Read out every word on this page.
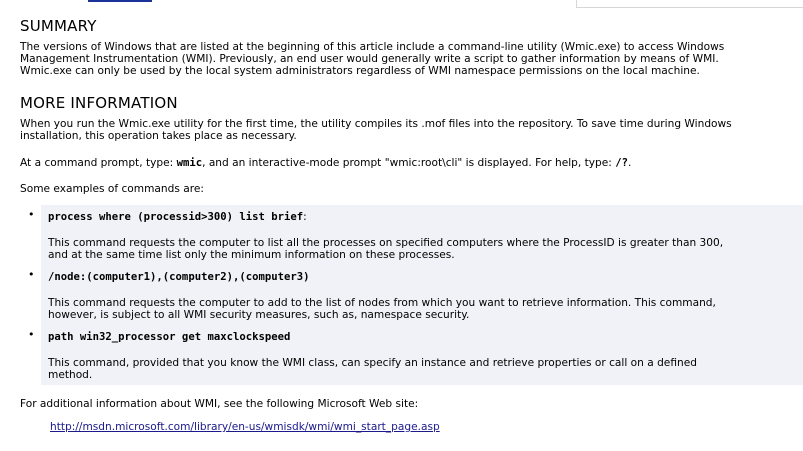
SUMMARY

The versions of Windows that are listed at the beginning of this article include a command-line utility (Wmic.exe) to access Windows
Management Instrumentation (WMI). Previously, an end user would generally write a script to gather information by means of WMI.
Wmic.exe can only be used by the local system administrators regardless of WMI namespace permissions on the local machine.

MORE INFORMATION

When you run the Wmic.exe utility for the first time, the utility compiles its .mof files into the repository. To save time during Windows
installation, this operation takes place as necessary.

At a command prompt, type: wmic, and an interactive-mode prompt "wmic:root\cli" is displayed. For help, type: /?.

Some examples of commands are:

• process where (processid>300) list brief:
This command requests the computer to list all the processes on specified computers where the ProcessID is greater than 300,
and at the same time list only the minimum information on these processes.
• /node:(computer1),(computer2),(computer3)
This command requests the computer to add to the list of nodes from which you want to retrieve information. This command,
however, is subject to all WMI security measures, such as, namespace security.
• path win32_processor get maxclockspeed
This command, provided that you know the WMI class, can specify an instance and retrieve properties or call on a defined
method.

For additional information about WMI, see the following Microsoft Web site:

http://msdn.microsoft.com/library/en-us/wmisdk/wmi/wmi_start_page.asp
